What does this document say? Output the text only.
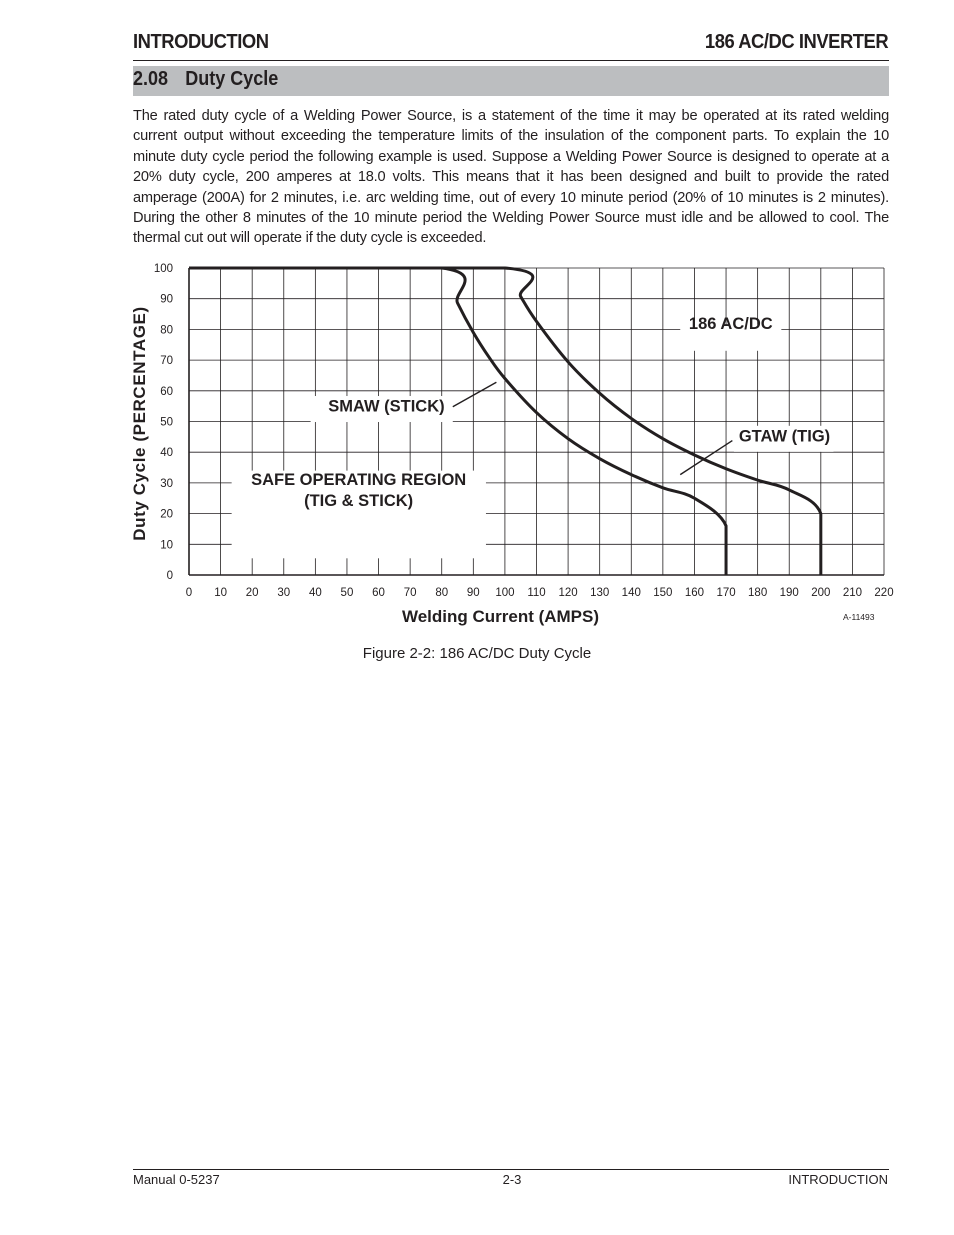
INTRODUCTION	186 AC/DC INVERTER
2.08 Duty Cycle
The rated duty cycle of a Welding Power Source, is a statement of the time it may be operated at its rated welding current output without exceeding the temperature limits of the insulation of the component parts. To explain the 10 minute duty cycle period the following example is used. Suppose a Welding Power Source is designed to operate at a 20% duty cycle, 200 amperes at 18.0 volts. This means that it has been designed and built to provide the rated amperage (200A) for 2 minutes, i.e. arc welding time, out of every 10 minute period (20% of 10 minutes is 2 minutes). During the other 8 minutes of the 10 minute period the Welding Power Source must idle and be allowed to cool. The thermal cut out will operate if the duty cycle is exceeded.
0 10 20 30 40 50 60 70 80 90 100 110 120 130 140 150 160 170 180 190 200 210 220
0
10
20
30
40
50
60
70
80
90
100
186 AC/DC
SMAW (STICK)
GTAW (TIG)
SAFE OPERATING REGION
(TIG & STICK)
Welding Current (AMPS)
Duty Cycle (PERCENTAGE)
A-11493
Figure 2-2: 186 AC/DC Duty Cycle
Manual 0-5237	2-3	INTRODUCTION
